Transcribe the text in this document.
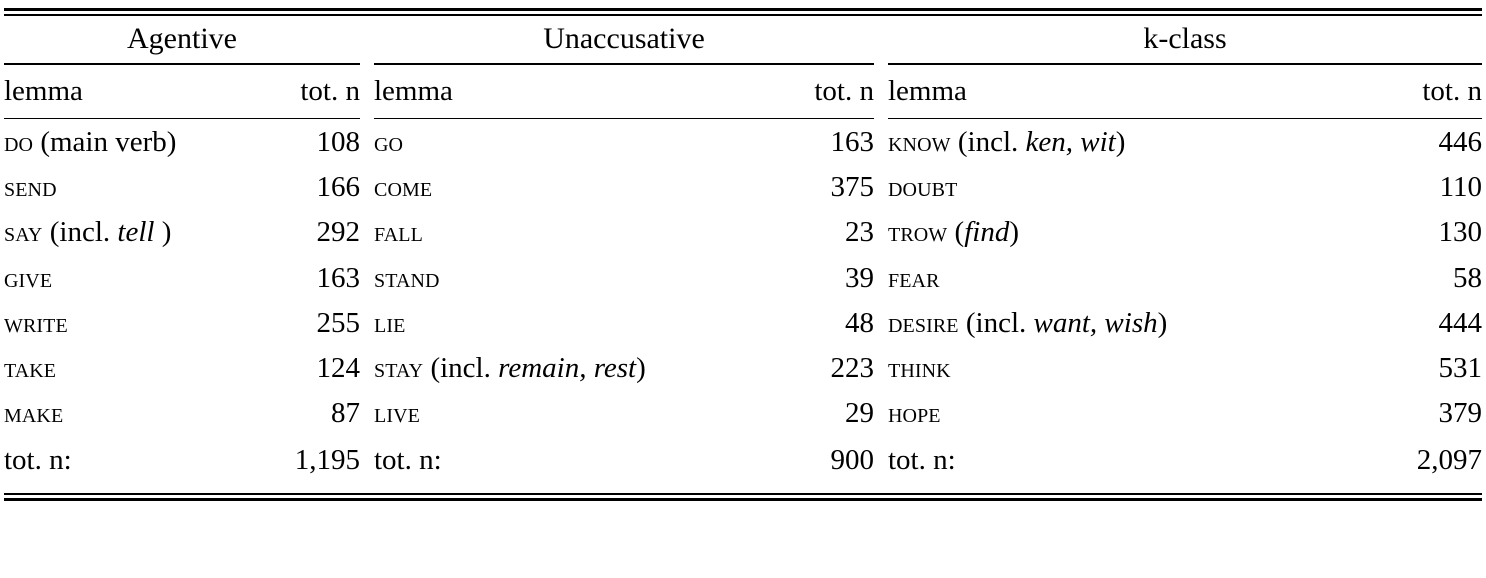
Agentive			Unaccusative			k-class	
lemma	tot. n		lemma	tot. n		lemma	tot. n
do (main verb)	108		go	163		know (incl. ken, wit)	446
send	166		come	375		doubt	110
say (incl. tell )	292		fall	23		trow (find)	130
give	163		stand	39		fear	58
write	255		lie	48		desire (incl. want, wish)	444
take	124		stay (incl. remain, rest)	223		think	531
make	87		live	29		hope	379
tot. n:	1,195		tot. n:	900		tot. n:	2,097
